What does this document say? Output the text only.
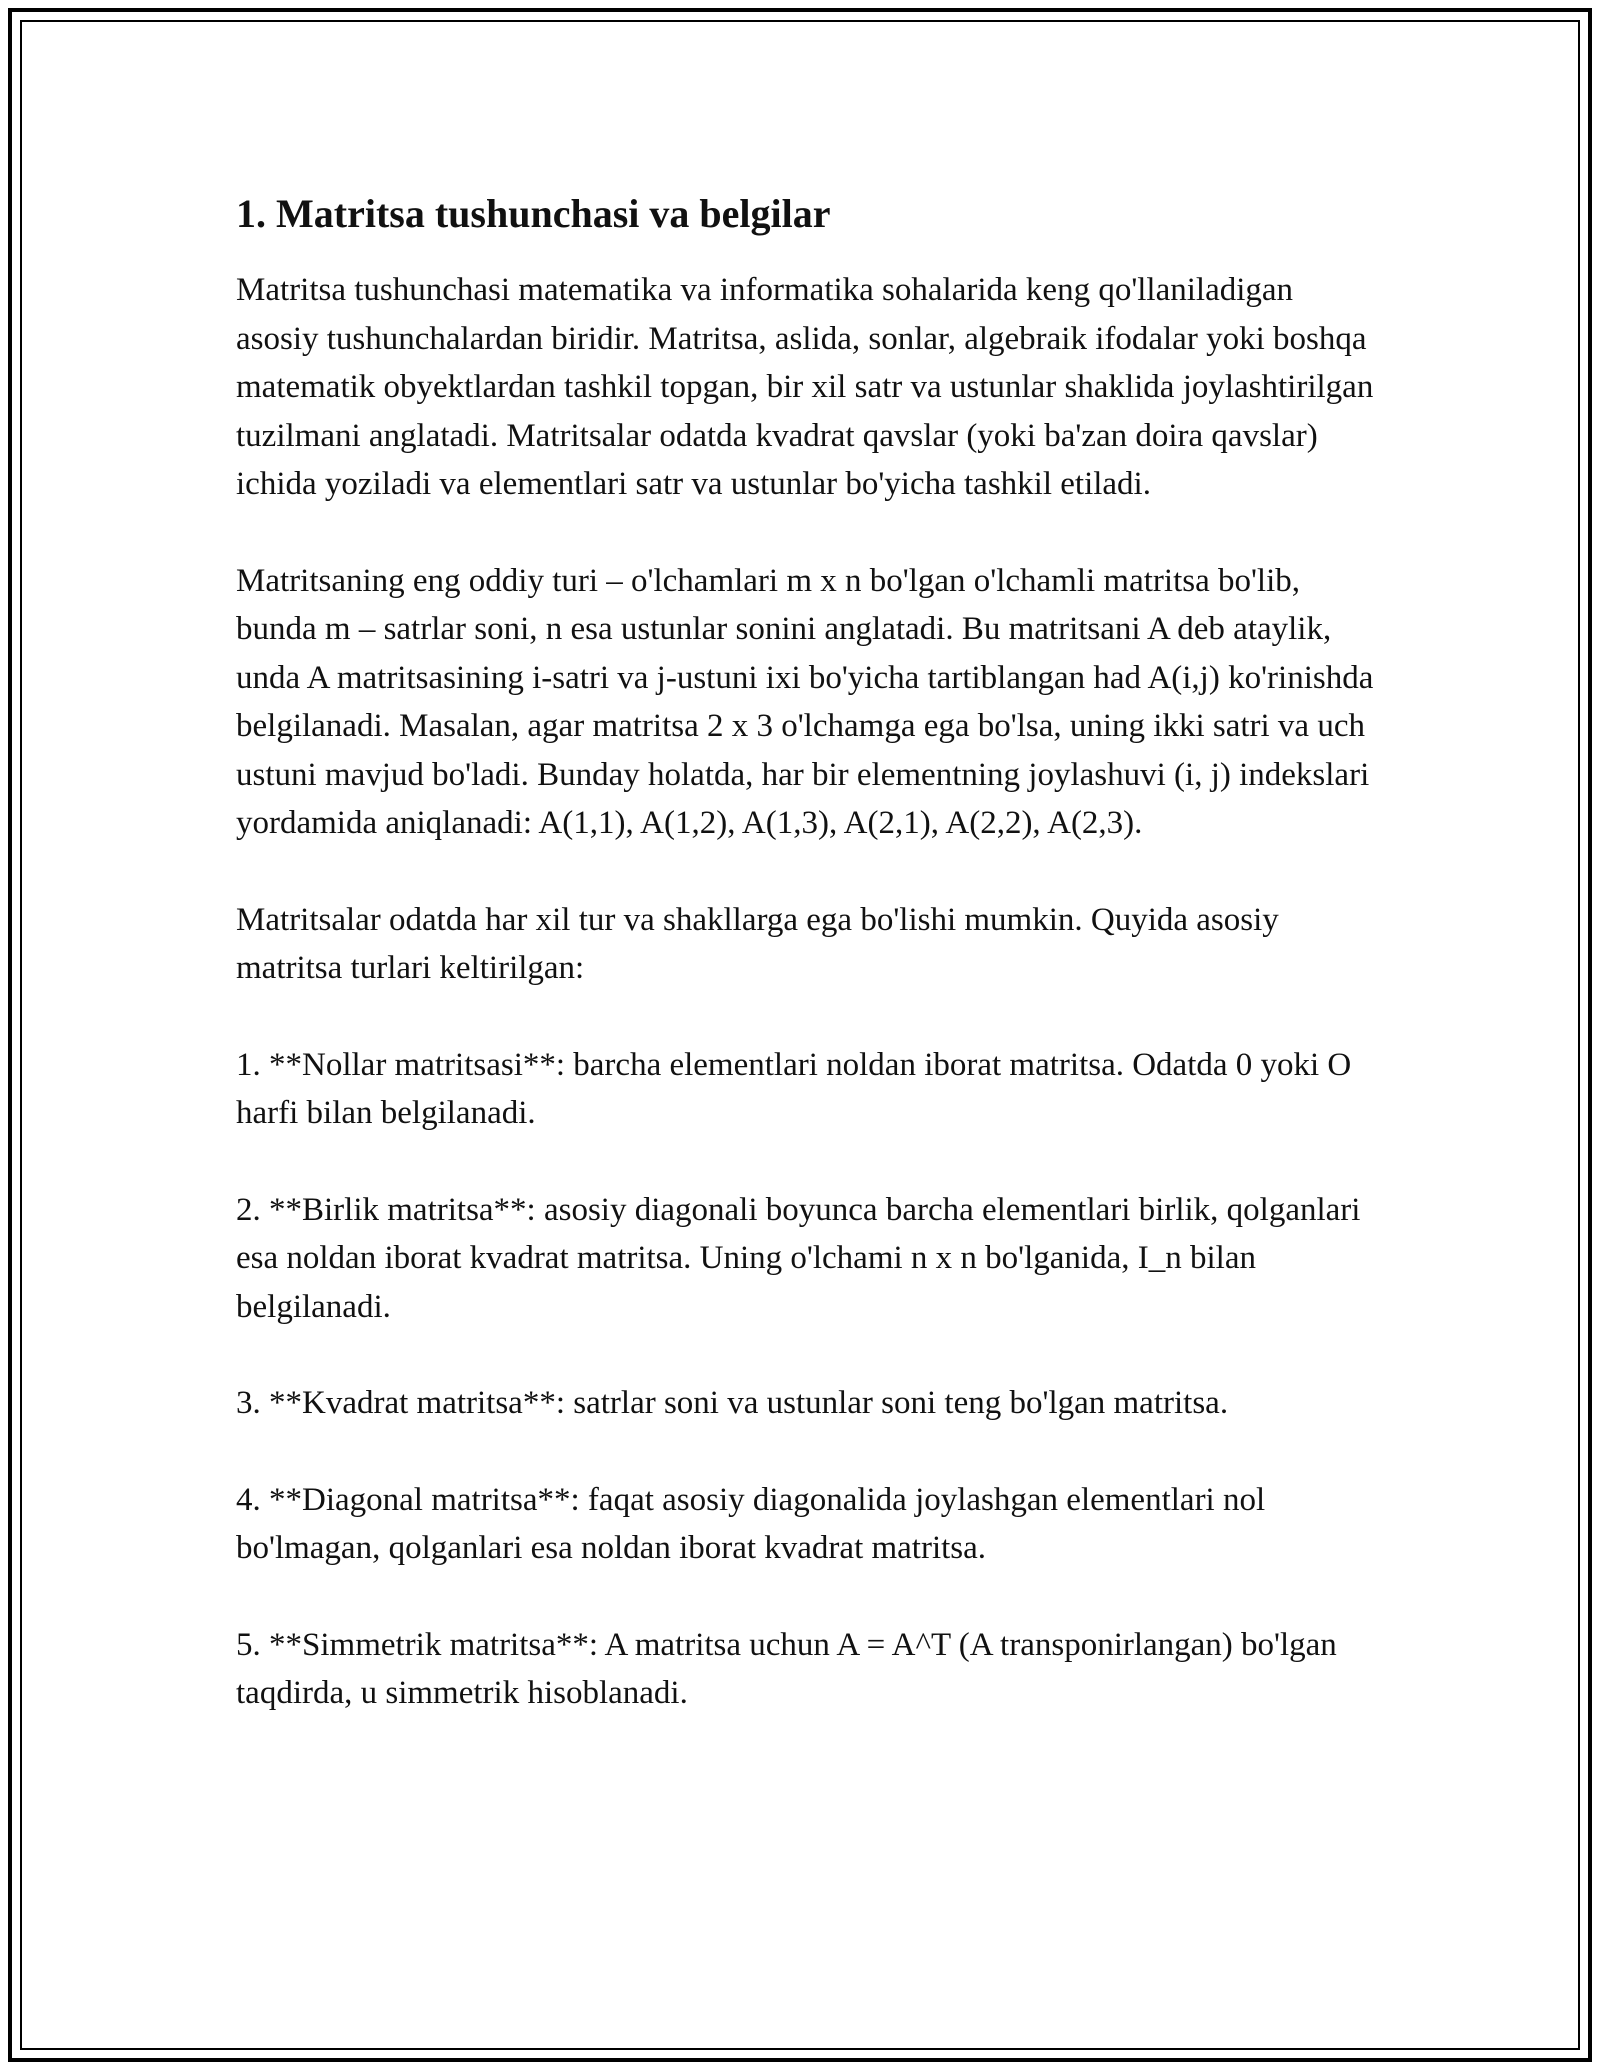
1. Matritsa tushunchasi va belgilar

Matritsa tushunchasi matematika va informatika sohalarida keng qo'llaniladigan asosiy tushunchalardan biridir. Matritsa, aslida, sonlar, algebraik ifodalar yoki boshqa matematik obyektlardan tashkil topgan, bir xil satr va ustunlar shaklida joylashtirilgan tuzilmani anglatadi. Matritsalar odatda kvadrat qavslar (yoki ba'zan doira qavslar) ichida yoziladi va elementlari satr va ustunlar bo'yicha tashkil etiladi.

Matritsaning eng oddiy turi – o'lchamlari m x n bo'lgan o'lchamli matritsa bo'lib, bunda m – satrlar soni, n esa ustunlar sonini anglatadi. Bu matritsani A deb ataylik, unda A matritsasining i-satri va j-ustuni ixi bo'yicha tartiblangan had A(i,j) ko'rinishda belgilanadi. Masalan, agar matritsa 2 x 3 o'lchamga ega bo'lsa, uning ikki satri va uch ustuni mavjud bo'ladi. Bunday holatda, har bir elementning joylashuvi (i, j) indekslari yordamida aniqlanadi: A(1,1), A(1,2), A(1,3), A(2,1), A(2,2), A(2,3).

Matritsalar odatda har xil tur va shakllarga ega bo'lishi mumkin. Quyida asosiy matritsa turlari keltirilgan:

1. **Nollar matritsasi**: barcha elementlari noldan iborat matritsa. Odatda 0 yoki O harfi bilan belgilanadi.

2. **Birlik matritsa**: asosiy diagonali boyunca barcha elementlari birlik, qolganlari esa noldan iborat kvadrat matritsa. Uning o'lchami n x n bo'lganida, I_n bilan belgilanadi.

3. **Kvadrat matritsa**: satrlar soni va ustunlar soni teng bo'lgan matritsa.

4. **Diagonal matritsa**: faqat asosiy diagonalida joylashgan elementlari nol bo'lmagan, qolganlari esa noldan iborat kvadrat matritsa.

5. **Simmetrik matritsa**: A matritsa uchun A = A^T (A transponirlangan) bo'lgan taqdirda, u simmetrik hisoblanadi.
